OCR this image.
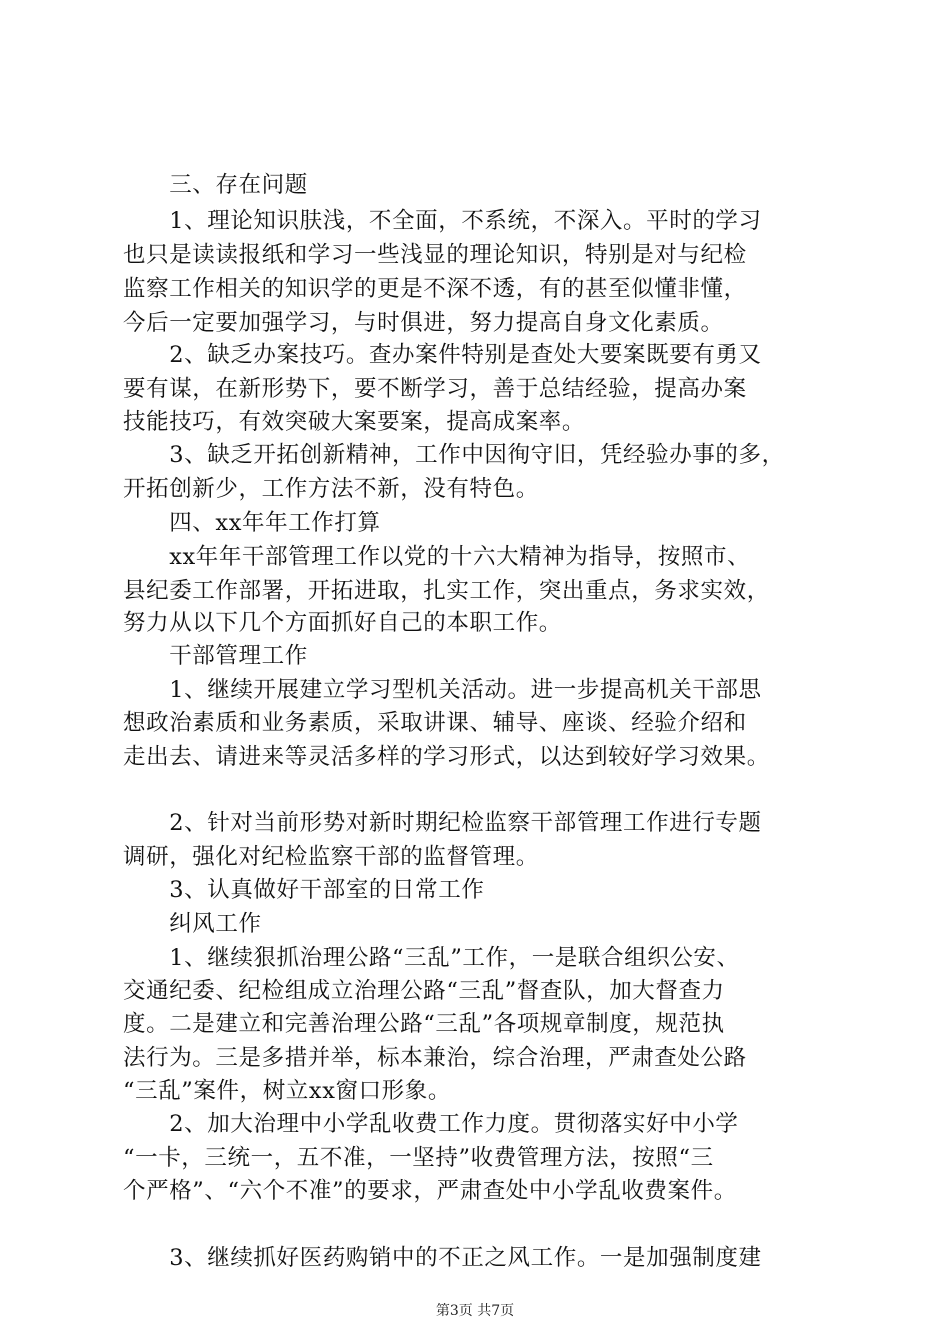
　　三、存在问题
　　1、理论知识肤浅，不全面，不系统，不深入。平时的学习
也只是读读报纸和学习一些浅显的理论知识，特别是对与纪检
监察工作相关的知识学的更是不深不透，有的甚至似懂非懂，
今后一定要加强学习，与时俱进，努力提高自身文化素质。
　　2、缺乏办案技巧。查办案件特别是查处大要案既要有勇又
要有谋，在新形势下，要不断学习，善于总结经验，提高办案
技能技巧，有效突破大案要案，提高成案率。
　　3、缺乏开拓创新精神，工作中因徇守旧，凭经验办事的多，
开拓创新少，工作方法不新，没有特色。
　　四、xx年年工作打算
　　xx年年干部管理工作以党的十六大精神为指导，按照市、
县纪委工作部署，开拓进取，扎实工作，突出重点，务求实效，
努力从以下几个方面抓好自己的本职工作。
　　干部管理工作
　　1、继续开展建立学习型机关活动。进一步提高机关干部思
想政治素质和业务素质，采取讲课、辅导、座谈、经验介绍和
走出去、请进来等灵活多样的学习形式，以达到较好学习效果。
　　2、针对当前形势对新时期纪检监察干部管理工作进行专题
调研，强化对纪检监察干部的监督管理。
　　3、认真做好干部室的日常工作
　　纠风工作
　　1、继续狠抓治理公路“三乱”工作，一是联合组织公安、
交通纪委、纪检组成立治理公路“三乱”督查队，加大督查力
度。二是建立和完善治理公路“三乱”各项规章制度，规范执
法行为。三是多措并举，标本兼治，综合治理，严肃查处公路
“三乱”案件，树立xx窗口形象。
　　2、加大治理中小学乱收费工作力度。贯彻落实好中小学
“一卡，三统一，五不准，一坚持”收费管理方法，按照“三
个严格”、“六个不准”的要求，严肃查处中小学乱收费案件。
　　3、继续抓好医药购销中的不正之风工作。一是加强制度建
第3页 共7页
